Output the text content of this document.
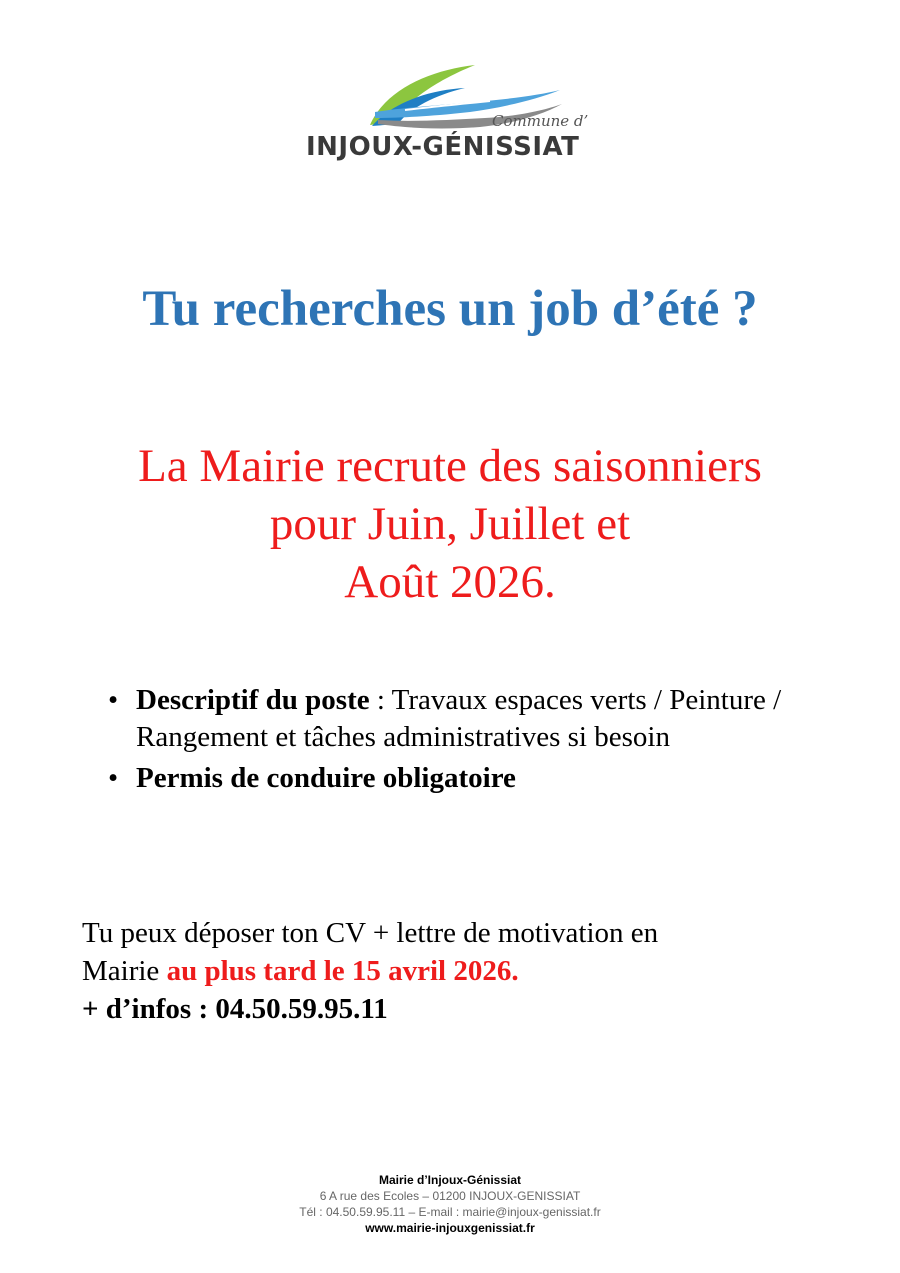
Commune d’
INJOUX-GÉNISSIAT
Tu recherches un job d’été ?
La Mairie recrute des saisonniers
pour Juin, Juillet et
Août 2026.
• Descriptif du poste : Travaux espaces verts / Peinture / Rangement et tâches administratives si besoin
• Permis de conduire obligatoire
Tu peux déposer ton CV + lettre de motivation en
Mairie au plus tard le 15 avril 2026.
+ d’infos : 04.50.59.95.11
Mairie d’Injoux-Génissiat
6 A rue des Ecoles – 01200 INJOUX-GENISSIAT
Tél : 04.50.59.95.11 – E-mail : mairie@injoux-genissiat.fr
www.mairie-injouxgenissiat.fr
